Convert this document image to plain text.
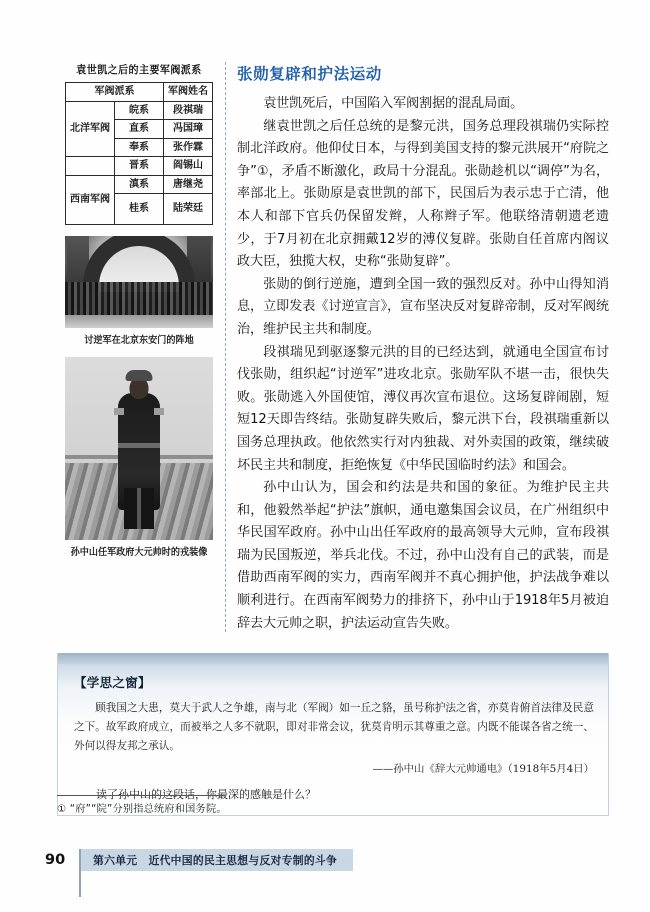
袁世凯之后的主要军阀派系
军阀派系		军阀姓名
北洋军阀	皖系	段祺瑞
	直系	冯国璋
	奉系	张作霖
	晋系	阎锡山
西南军阀	滇系	唐继尧
	桂系	陆荣廷
讨逆军在北京东安门的阵地
孙中山任军政府大元帅时的戎装像
张勋复辟和护法运动

袁世凯死后，中国陷入军阀割据的混乱局面。

继袁世凯之后任总统的是黎元洪，国务总理段祺瑞仍实际控制北洋政府。他仰仗日本，与得到美国支持的黎元洪展开“府院之争”①，矛盾不断激化，政局十分混乱。张勋趁机以“调停”为名，率部北上。张勋原是袁世凯的部下，民国后为表示忠于亡清，他本人和部下官兵仍保留发辫，人称辫子军。他联络清朝遗老遗少，于7月初在北京拥戴12岁的溥仪复辟。张勋自任首席内阁议政大臣，独揽大权，史称“张勋复辟”。

张勋的倒行逆施，遭到全国一致的强烈反对。孙中山得知消息，立即发表《讨逆宣言》，宣布坚决反对复辟帝制，反对军阀统治，维护民主共和制度。

段祺瑞见到驱逐黎元洪的目的已经达到，就通电全国宣布讨伐张勋，组织起“讨逆军”进攻北京。张勋军队不堪一击，很快失败。张勋逃入外国使馆，溥仪再次宣布退位。这场复辟闹剧，短短12天即告终结。张勋复辟失败后，黎元洪下台，段祺瑞重新以国务总理执政。他依然实行对内独裁、对外卖国的政策，继续破坏民主共和制度，拒绝恢复《中华民国临时约法》和国会。

孙中山认为，国会和约法是共和国的象征。为维护民主共和，他毅然举起“护法”旗帜，通电邀集国会议员，在广州组织中华民国军政府。孙中山出任军政府的最高领导大元帅，宣布段祺瑞为民国叛逆，举兵北伐。不过，孙中山没有自己的武装，而是借助西南军阀的实力，西南军阀并不真心拥护他，护法战争难以顺利进行。在西南军阀势力的排挤下，孙中山于1918年5月被迫辞去大元帅之职，护法运动宣告失败。

【学思之窗】

顾我国之大患，莫大于武人之争雄，南与北（军阀）如一丘之貉，虽号称护法之省，亦莫肯俯首法律及民意之下。故军政府成立，而被举之人多不就职，即对非常会议，犹莫肯明示其尊重之意。内既不能谋各省之统一、外何以得友邦之承认。

——孙中山《辞大元帅通电》（1918年5月4日）
读了孙中山的这段话，你最深的感触是什么？
① “府”“院”分别指总统府和国务院。
90	第六单元　近代中国的民主思想与反对专制的斗争
